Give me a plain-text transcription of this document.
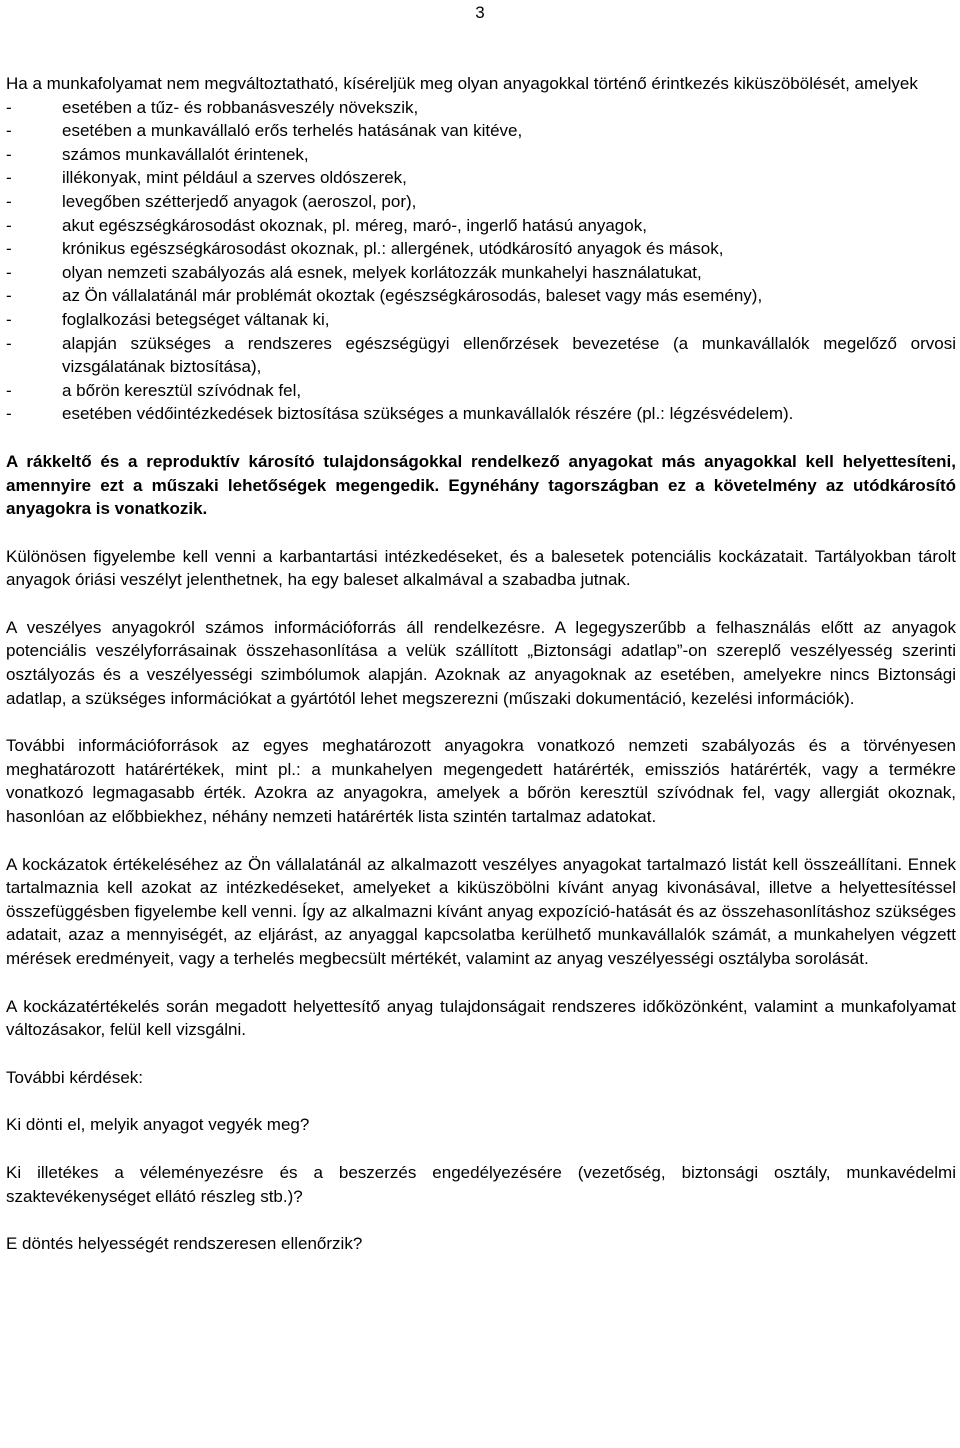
3

Ha a munkafolyamat nem megváltoztatható, kíséreljük meg olyan anyagokkal történő érintkezés kiküszöbölését, amelyek

- esetében a tűz- és robbanásveszély növekszik,
- esetében a munkavállaló erős terhelés hatásának van kitéve,
- számos munkavállalót érintenek,
- illékonyak, mint például a szerves oldószerek,
- levegőben szétterjedő anyagok (aeroszol, por),
- akut egészségkárosodást okoznak, pl. méreg, maró-, ingerlő hatású anyagok,
- krónikus egészségkárosodást okoznak, pl.: allergének, utódkárosító anyagok és mások,
- olyan nemzeti szabályozás alá esnek, melyek korlátozzák munkahelyi használatukat,
- az Ön vállalatánál már problémát okoztak (egészségkárosodás, baleset vagy más esemény),
- foglalkozási betegséget váltanak ki,
- alapján szükséges a rendszeres egészségügyi ellenőrzések bevezetése (a munkavállalók megelőző orvosi vizsgálatának biztosítása),
- a bőrön keresztül szívódnak fel,
- esetében védőintézkedések biztosítása szükséges a munkavállalók részére (pl.: légzésvédelem).

A rákkeltő és a reproduktív károsító tulajdonságokkal rendelkező anyagokat más anyagokkal kell helyettesíteni, amennyire ezt a műszaki lehetőségek megengedik. Egynéhány tagországban ez a követelmény az utódkárosító anyagokra is vonatkozik.

Különösen figyelembe kell venni a karbantartási intézkedéseket, és a balesetek potenciális kockázatait. Tartályokban tárolt anyagok óriási veszélyt jelenthetnek, ha egy baleset alkalmával a szabadba jutnak.

A veszélyes anyagokról számos információforrás áll rendelkezésre. A legegyszerűbb a felhasználás előtt az anyagok potenciális veszélyforrásainak összehasonlítása a velük szállított „Biztonsági adatlap”-on szereplő veszélyesség szerinti osztályozás és a veszélyességi szimbólumok alapján. Azoknak az anyagoknak az esetében, amelyekre nincs Biztonsági adatlap, a szükséges információkat a gyártótól lehet megszerezni (műszaki dokumentáció, kezelési információk).

További információforrások az egyes meghatározott anyagokra vonatkozó nemzeti szabályozás és a törvényesen meghatározott határértékek, mint pl.: a munkahelyen megengedett határérték, emissziós határérték, vagy a termékre vonatkozó legmagasabb érték. Azokra az anyagokra, amelyek a bőrön keresztül szívódnak fel, vagy allergiát okoznak, hasonlóan az előbbiekhez, néhány nemzeti határérték lista szintén tartalmaz adatokat.

A kockázatok értékeléséhez az Ön vállalatánál az alkalmazott veszélyes anyagokat tartalmazó listát kell összeállítani. Ennek tartalmaznia kell azokat az intézkedéseket, amelyeket a kiküszöbölni kívánt anyag kivonásával, illetve a helyettesítéssel összefüggésben figyelembe kell venni. Így az alkalmazni kívánt anyag expozíció-hatását és az összehasonlításhoz szükséges adatait, azaz a mennyiségét, az eljárást, az anyaggal kapcsolatba kerülhető munkavállalók számát, a munkahelyen végzett mérések eredményeit, vagy a terhelés megbecsült mértékét, valamint az anyag veszélyességi osztályba sorolását.

A kockázatértékelés során megadott helyettesítő anyag tulajdonságait rendszeres időközönként, valamint a munkafolyamat változásakor, felül kell vizsgálni.

További kérdések:

Ki dönti el, melyik anyagot vegyék meg?

Ki illetékes a véleményezésre és a beszerzés engedélyezésére (vezetőség, biztonsági osztály, munkavédelmi szaktevékenységet ellátó részleg stb.)?

E döntés helyességét rendszeresen ellenőrzik?
